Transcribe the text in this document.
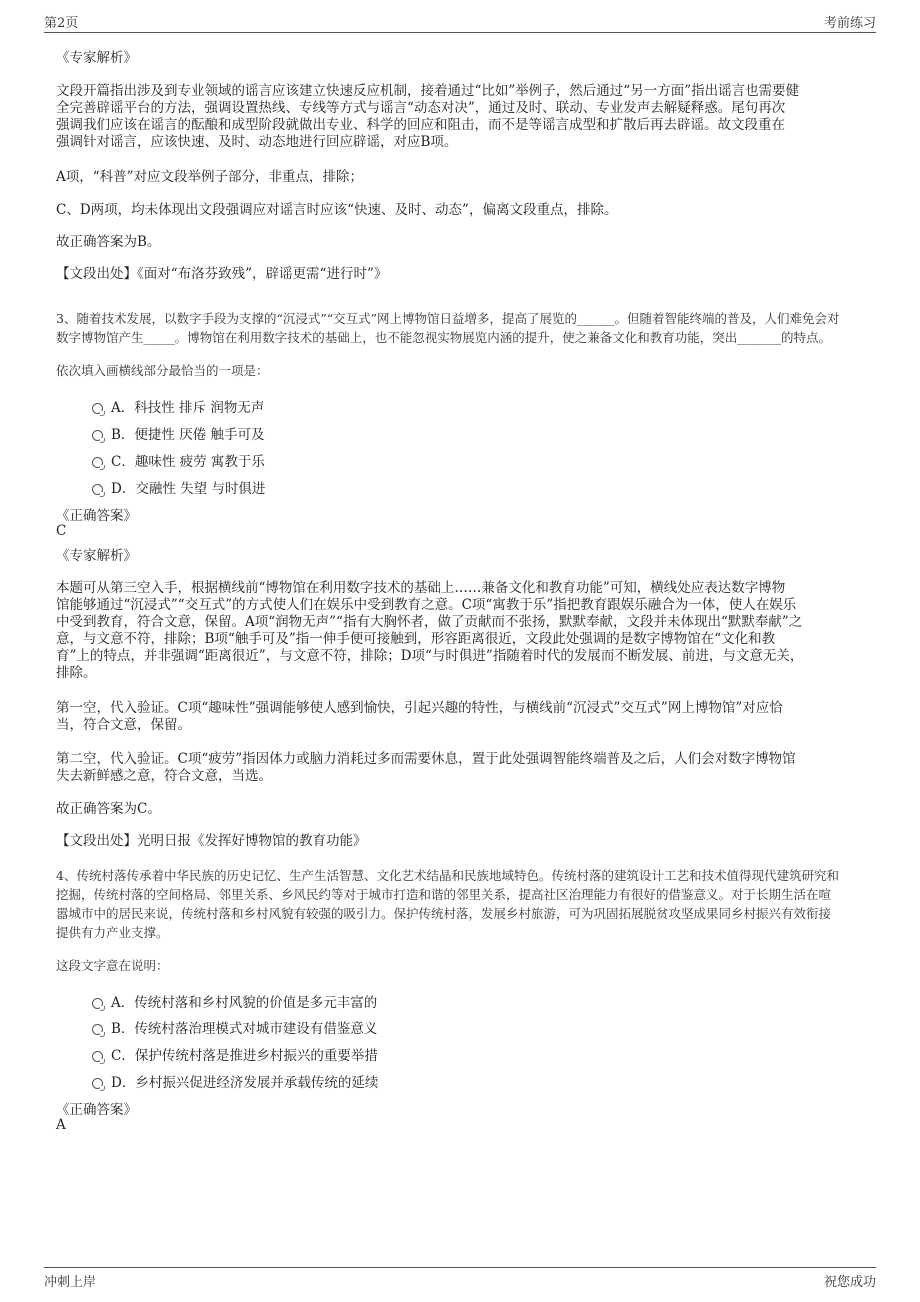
第2页	考前练习
《专家解析》
文段开篇指出涉及到专业领域的谣言应该建立快速反应机制，接着通过“比如”举例子，然后通过“另一方面”指出谣言也需要健
全完善辟谣平台的方法，强调设置热线、专线等方式与谣言“动态对决”，通过及时、联动、专业发声去解疑释惑。尾句再次
强调我们应该在谣言的酝酿和成型阶段就做出专业、科学的回应和阻击，而不是等谣言成型和扩散后再去辟谣。故文段重在
强调针对谣言，应该快速、及时、动态地进行回应辟谣，对应B项。
A项，“科普”对应文段举例子部分，非重点，排除；
C、D两项，均未体现出文段强调应对谣言时应该“快速、及时、动态”，偏离文段重点，排除。
故正确答案为B。
【文段出处】《面对“布洛芬致残”，辟谣更需“进行时”》
3、随着技术发展，以数字手段为支撑的“沉浸式”“交互式”网上博物馆日益增多，提高了展览的______。但随着智能终端的普及，人们难免会对
数字博物馆产生_____。博物馆在利用数字技术的基础上，也不能忽视实物展览内涵的提升，使之兼备文化和教育功能，突出_______的特点。
依次填入画横线部分最恰当的一项是：
A．科技性 排斥 润物无声
B．便捷性 厌倦 触手可及
C．趣味性 疲劳 寓教于乐
D．交融性 失望 与时俱进
《正确答案》
C
《专家解析》
本题可从第三空入手，根据横线前“博物馆在利用数字技术的基础上……兼备文化和教育功能”可知，横线处应表达数字博物
馆能够通过“沉浸式”“交互式”的方式使人们在娱乐中受到教育之意。C项“寓教于乐”指把教育跟娱乐融合为一体，使人在娱乐
中受到教育，符合文意，保留。A项“润物无声”“指有大胸怀者，做了贡献而不张扬，默默奉献，文段并未体现出“默默奉献”之
意，与文意不符，排除；B项“触手可及”指一伸手便可接触到，形容距离很近，文段此处强调的是数字博物馆在“文化和教
育”上的特点，并非强调“距离很近”，与文意不符，排除；D项“与时俱进”指随着时代的发展而不断发展、前进，与文意无关，
排除。
第一空，代入验证。C项“趣味性”强调能够使人感到愉快，引起兴趣的特性，与横线前“沉浸式”交互式”网上博物馆”对应恰
当，符合文意，保留。
第二空，代入验证。C项“疲劳”指因体力或脑力消耗过多而需要休息，置于此处强调智能终端普及之后，人们会对数字博物馆
失去新鲜感之意，符合文意，当选。
故正确答案为C。
【文段出处】光明日报《发挥好博物馆的教育功能》
4、传统村落传承着中华民族的历史记忆、生产生活智慧、文化艺术结晶和民族地域特色。传统村落的建筑设计工艺和技术值得现代建筑研究和
挖掘，传统村落的空间格局、邻里关系、乡风民约等对于城市打造和谐的邻里关系，提高社区治理能力有很好的借鉴意义。对于长期生活在喧
嚣城市中的居民来说，传统村落和乡村风貌有较强的吸引力。保护传统村落，发展乡村旅游，可为巩固拓展脱贫攻坚成果同乡村振兴有效衔接
提供有力产业支撑。
这段文字意在说明：
A．传统村落和乡村风貌的价值是多元丰富的
B．传统村落治理模式对城市建设有借鉴意义
C．保护传统村落是推进乡村振兴的重要举措
D．乡村振兴促进经济发展并承载传统的延续
《正确答案》
A
冲刺上岸	祝您成功
